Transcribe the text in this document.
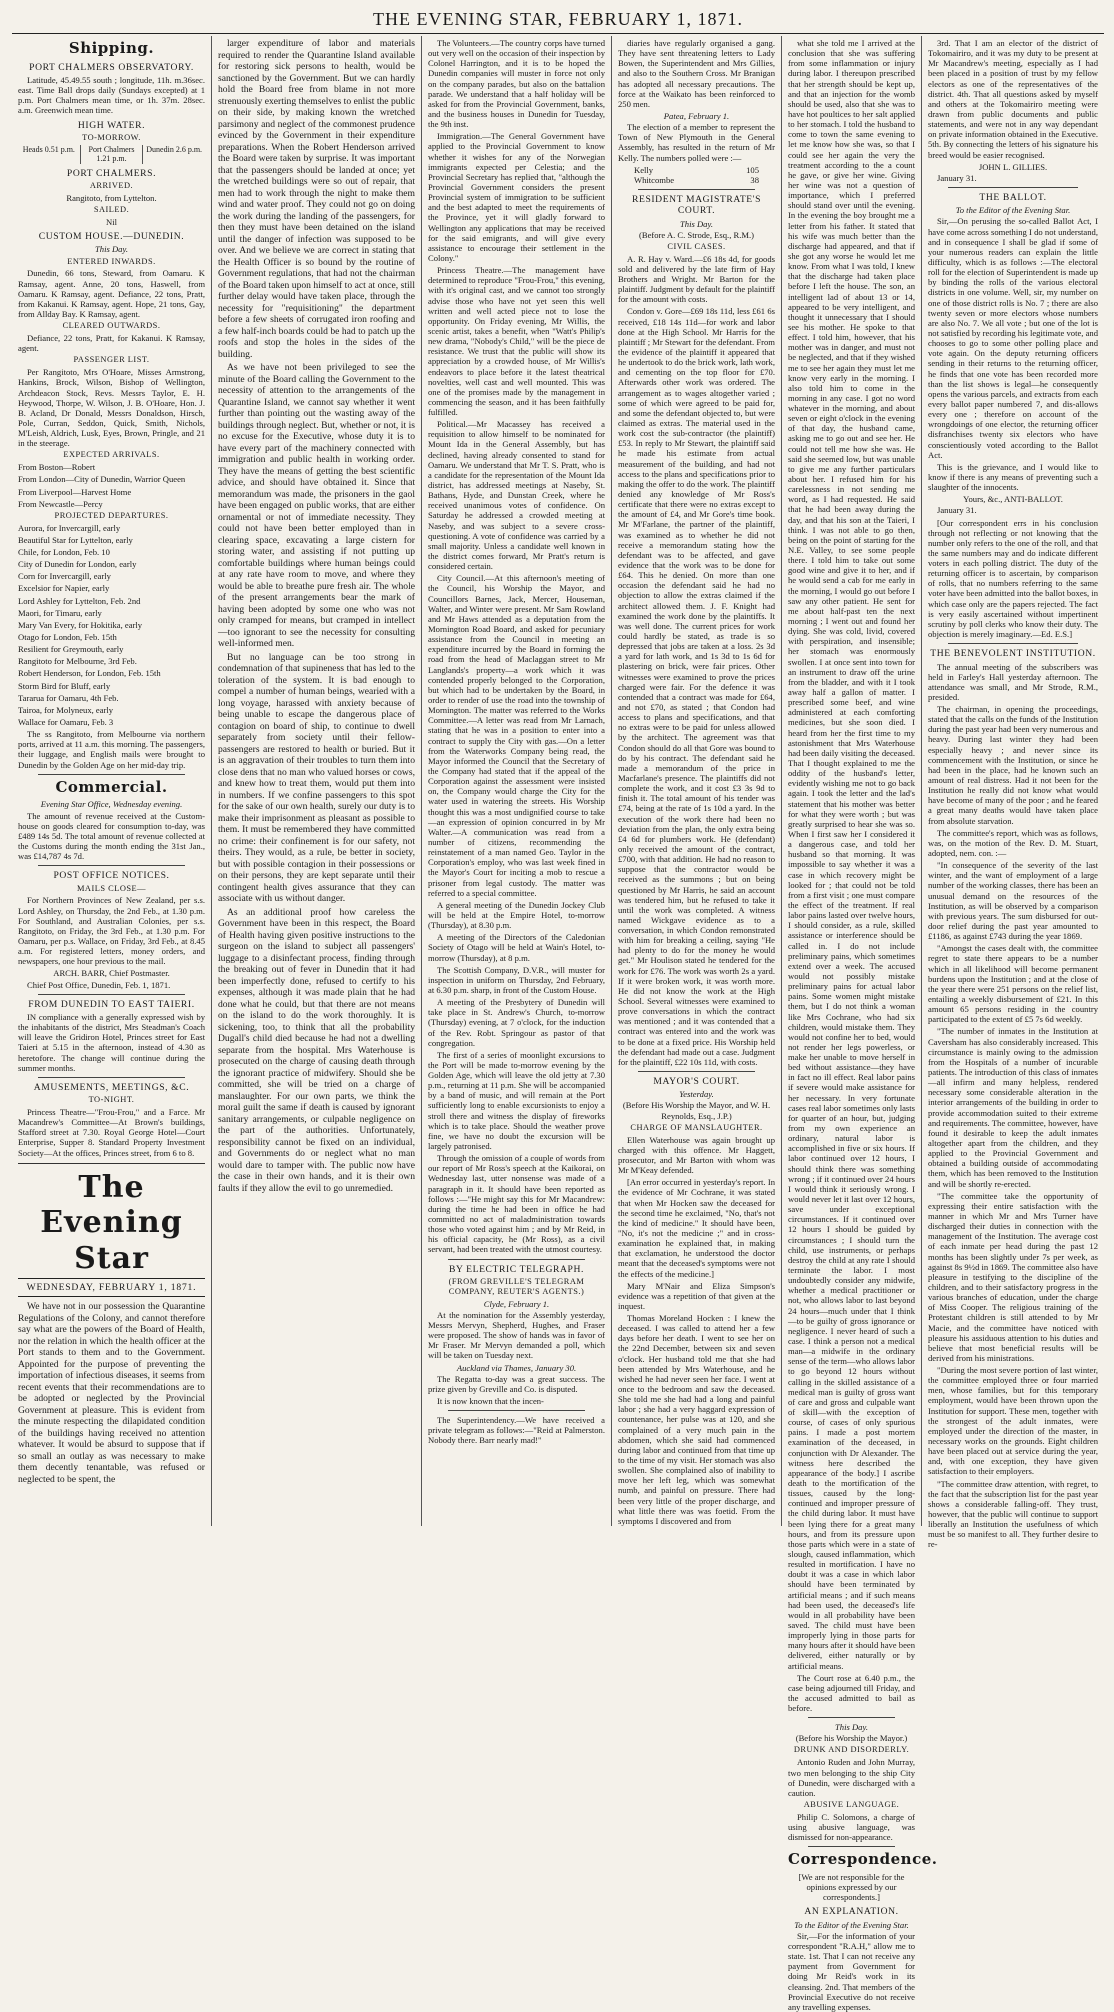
THE EVENING STAR, FEBRUARY 1, 1871.
Shipping.
PORT CHALMERS OBSERVATORY.

Latitude, 45.49.55 south ; longitude, 11h. m.36sec. east. Time Ball drops daily (Sundays excepted) at 1 p.m. Port Chalmers mean time, or 1h. 37m. 28sec. a.m. Greenwich mean time.

HIGH WATER.
TO-MORROW.
Heads 0.51 p.m.	Port Chalmers 1.21 p.m.
Dunedin 2.6 p.m.
PORT CHALMERS.
ARRIVED.
Rangitoto, from Lyttelton.
SAILED.
Nil
CUSTOM HOUSE.—DUNEDIN.
This Day.
ENTERED INWARDS.

Dunedin, 66 tons, Steward, from Oamaru. K Ramsay, agent. Anne, 20 tons, Haswell, from Oamaru. K Ramsay, agent. Defiance, 22 tons, Pratt, from Kakanui. K Ramsay, agent. Hope, 21 tons, Gay, from Allday Bay. K Ramsay, agent.

CLEARED OUTWARDS.

Defiance, 22 tons, Pratt, for Kakanui. K Ramsay, agent.

PASSENGER LIST.

Per Rangitoto, Mrs O'Hoare, Misses Armstrong, Hankins, Brock, Wilson, Bishop of Wellington, Archdeacon Stock, Revs. Messrs Taylor, E. H. Heywood, Thorpe, W. Wilson, J. B. O'Hoare, Hon. J. B. Acland, Dr Donald, Messrs Donaldson, Hirsch, Pole, Curran, Seddon, Quick, Smith, Nichols, M'Leish, Aldrich, Lusk, Eyes, Brown, Pringle, and 21 in the steerage.

EXPECTED ARRIVALS.

From Boston—Robert

From London—City of Dunedin, Warrior Queen

From Liverpool—Harvest Home

From Newcastle—Percy

PROJECTED DEPARTURES.

Aurora, for Invercargill, early

Beautiful Star for Lyttelton, early

Chile, for London, Feb. 10

City of Dunedin for London, early

Corn for Invercargill, early

Excelsior for Napier, early

Lord Ashley for Lyttelton, Feb. 2nd

Maori, for Timaru, early

Mary Van Every, for Hokitika, early

Otago for London, Feb. 15th

Resilient for Greymouth, early

Rangitoto for Melbourne, 3rd Feb.

Robert Henderson, for London, Feb. 15th

Storm Bird for Bluff, early

Tararua for Oamaru, 4th Feb.

Tairoa, for Molyneux, early

Wallace for Oamaru, Feb. 3

The ss Rangitoto, from Melbourne via northern ports, arrived at 11 a.m. this morning. The passengers, their luggage, and English mails were brought to Dunedin by the Golden Age on her mid-day trip.

Commercial.
Evening Star Office, Wednesday evening.

The amount of revenue received at the Custom-house on goods cleared for consumption to-day, was £489 14s 5d. The total amount of revenue collected at the Customs during the month ending the 31st Jan., was £14,787 4s 7d.

POST OFFICE NOTICES.
MAILS CLOSE—

For Northern Provinces of New Zealand, per s.s. Lord Ashley, on Thursday, the 2nd Feb., at 1.30 p.m. For Southland, and Australian Colonies, per s.s. Rangitoto, on Friday, the 3rd Feb., at 1.30 p.m. For Oamaru, per p.s. Wallace, on Friday, 3rd Feb., at 8.45 a.m. For registered letters, money orders, and newspapers, one hour previous to the mail.

ARCH. BARR, Chief Postmaster.

Chief Post Office, Dunedin, Feb. 1, 1871.

FROM DUNEDIN TO EAST TAIERI.

IN compliance with a generally expressed wish by the inhabitants of the district, Mrs Steadman's Coach will leave the Gridiron Hotel, Princes street for East Taieri at 5.15 in the afternoon, instead of 4.30 as heretofore. The change will continue during the summer months.

AMUSEMENTS, MEETINGS, &C.
TO-NIGHT.

Princess Theatre—"Frou-Frou," and a Farce. Mr Macandrew's Committee—At Brown's buildings, Stafford street at 7.30. Royal George Hotel—Court Enterprise, Supper 8. Standard Property Investment Society—At the offices, Princes street, from 6 to 8.

The Evening Star
WEDNESDAY, FEBRUARY 1, 1871.

We have not in our possession the Quarantine Regulations of the Colony, and cannot therefore say what are the powers of the Board of Health, nor the relation in which the health officer at the Port stands to them and to the Government. Appointed for the purpose of preventing the importation of infectious diseases, it seems from recent events that their recommendations are to be adopted or neglected by the Provincial Government at pleasure. This is evident from the minute respecting the dilapidated condition of the buildings having received no attention whatever. It would be absurd to suppose that if so small an outlay as was necessary to make them decently tenantable, was refused or neglected to be spent, the

larger expenditure of labor and materials required to render the Quarantine Island available for restoring sick persons to health, would be sanctioned by the Government. But we can hardly hold the Board free from blame in not more strenuously exerting themselves to enlist the public on their side, by making known the wretched parsimony and neglect of the commonest prudence evinced by the Government in their expenditure preparations. When the Robert Henderson arrived the Board were taken by surprise. It was important that the passengers should be landed at once; yet the wretched buildings were so out of repair, that men had to work through the night to make them wind and water proof. They could not go on doing the work during the landing of the passengers, for then they must have been detained on the island until the danger of infection was supposed to be over. And we believe we are correct in stating that the Health Officer is so bound by the routine of Government regulations, that had not the chairman of the Board taken upon himself to act at once, still further delay would have taken place, through the necessity for "requisitioning" the department before a few sheets of corrugated iron roofing and a few half-inch boards could be had to patch up the roofs and stop the holes in the sides of the building.

As we have not been privileged to see the minute of the Board calling the Government to the necessity of attention to the arrangements of the Quarantine Island, we cannot say whether it went further than pointing out the wasting away of the buildings through neglect. But, whether or not, it is no excuse for the Executive, whose duty it is to have every part of the machinery connected with immigration and public health in working order. They have the means of getting the best scientific advice, and should have obtained it. Since that memorandum was made, the prisoners in the gaol have been engaged on public works, that are either ornamental or not of immediate necessity. They could not have been better employed than in clearing space, excavating a large cistern for storing water, and assisting if not putting up comfortable buildings where human beings could at any rate have room to move, and where they would be able to breathe pure fresh air. The whole of the present arrangements bear the mark of having been adopted by some one who was not only cramped for means, but cramped in intellect—too ignorant to see the necessity for consulting well-informed men.

But no language can be too strong in condemnation of that supineness that has led to the toleration of the system. It is bad enough to compel a number of human beings, wearied with a long voyage, harassed with anxiety because of being unable to escape the dangerous place of contagion on board of ship, to continue to dwell separately from society until their fellow-passengers are restored to health or buried. But it is an aggravation of their troubles to turn them into close dens that no man who valued horses or cows, and knew how to treat them, would put them into in numbers. If we confine passengers to this spot for the sake of our own health, surely our duty is to make their imprisonment as pleasant as possible to them. It must be remembered they have committed no crime: their confinement is for our safety, not theirs. They would, as a rule, be better in society, but with possible contagion in their possessions or on their persons, they are kept separate until their contingent health gives assurance that they can associate with us without danger.

As an additional proof how careless the Government have been in this respect, the Board of Health having given positive instructions to the surgeon on the island to subject all passengers' luggage to a disinfectant process, finding through the breaking out of fever in Dunedin that it had been imperfectly done, refused to certify to his expenses, although it was made plain that he had done what he could, but that there are not means on the island to do the work thoroughly. It is sickening, too, to think that all the probability Dugall's child died because he had not a dwelling separate from the hospital. Mrs Waterhouse is prosecuted on the charge of causing death through the ignorant practice of midwifery. Should she be committed, she will be tried on a charge of manslaughter. For our own parts, we think the moral guilt the same if death is caused by ignorant sanitary arrangements, or culpable negligence on the part of the authorities. Unfortunately, responsibility cannot be fixed on an individual, and Governments do or neglect what no man would dare to tamper with. The public now have the case in their own hands, and it is their own faults if they allow the evil to go unremedied.

The Volunteers.—The country corps have turned out very well on the occasion of their inspection by Colonel Harrington, and it is to be hoped the Dunedin companies will muster in force not only on the company parades, but also on the battalion parade. We understand that a half holiday will be asked for from the Provincial Government, banks, and the business houses in Dunedin for Tuesday, the 9th inst.

Immigration.—The General Government have applied to the Provincial Government to know whether it wishes for any of the Norwegian immigrants expected per Celestia; and the Provincial Secretary has replied that, "although the Provincial Government considers the present Provincial system of immigration to be sufficient and the best adapted to meet the requirements of the Province, yet it will gladly forward to Wellington any applications that may be received for the said emigrants, and will give every assistance to encourage their settlement in the Colony."

Princess Theatre.—The management have determined to reproduce "Frou-Frou," this evening, with it's original cast, and we cannot too strongly advise those who have not yet seen this well written and well acted piece not to lose the opportunity. On Friday evening, Mr Willis, the scenic artist, takes a benefit, when "Watt's Philip's new drama, "Nobody's Child," will be the piece de resistance. We trust that the public will show its appreciation by a crowded house, of Mr Willis's endeavors to place before it the latest theatrical novelties, well cast and well mounted. This was one of the promises made by the management in commencing the season, and it has been faithfully fulfilled.

Political.—Mr Macassey has received a requisition to allow himself to be nominated for Mount Ida in the General Assembly, but has declined, having already consented to stand for Oamaru. We understand that Mr T. S. Pratt, who is a candidate for the representation of the Mount Ida district, has addressed meetings at Naseby, St. Bathans, Hyde, and Dunstan Creek, where he received unanimous votes of confidence. On Saturday he addressed a crowded meeting at Naseby, and was subject to a severe cross-questioning. A vote of confidence was carried by a small majority. Unless a candidate well known in the district comes forward, Mr Pratt's return is considered certain.

City Council.—At this afternoon's meeting of the Council, his Worship the Mayor, and Councillors Barnes, Jack, Mercer, Houseman, Walter, and Winter were present. Mr Sam Rowland and Mr Haws attended as a deputation from the Mornington Road Board, and asked for pecuniary assistance from the Council in meeting an expenditure incurred by the Board in forming the road from the head of Maclaggan street to Mr Langlands's property—a work which it was contended properly belonged to the Corporation, but which had to be undertaken by the Board, in order to render of use the road into the township of Mornington. The matter was referred to the Works Committee.—A letter was read from Mr Larnach, stating that he was in a position to enter into a contract to supply the City with gas.—On a letter from the Waterworks Company being read, the Mayor informed the Council that the Secretary of the Company had stated that if the appeal of the Corporation against the assessment were insisted on, the Company would charge the City for the water used in watering the streets. His Worship thought this was a most undignified course to take—an expression of opinion concurred in by Mr Walter.—A communication was read from a number of citizens, recommending the reinstatement of a man named Geo. Taylor in the Corporation's employ, who was last week fined in the Mayor's Court for inciting a mob to rescue a prisoner from legal custody. The matter was referred to a special committee.

A general meeting of the Dunedin Jockey Club will be held at the Empire Hotel, to-morrow (Thursday), at 8.30 p.m.

A meeting of the Directors of the Caledonian Society of Otago will be held at Wain's Hotel, to-morrow (Thursday), at 8 p.m.

The Scottish Company, D.V.R., will muster for inspection in uniform on Thursday, 2nd February, at 6.30 p.m. sharp, in front of the Custom House.

A meeting of the Presbytery of Dunedin will take place in St. Andrew's Church, to-morrow (Thursday) evening, at 7 o'clock, for the induction of the Rev. Robt. Springour as pastor of that congregation.

The first of a series of moonlight excursions to the Port will be made to-morrow evening by the Golden Age, which will leave the old jetty at 7.30 p.m., returning at 11 p.m. She will be accompanied by a band of music, and will remain at the Port sufficiently long to enable excursionists to enjoy a stroll there and witness the display of fireworks which is to take place. Should the weather prove fine, we have no doubt the excursion will be largely patronised.

Through the omission of a couple of words from our report of Mr Ross's speech at the Kaikorai, on Wednesday last, utter nonsense was made of a paragraph in it. It should have been reported as follows :—"He might say this for Mr Macandrew: during the time he had been in office he had committed no act of maladministration towards those who voted against him ; and by Mr Reid, in his official capacity, he (Mr Ross), as a civil servant, had been treated with the utmost courtesy.

BY ELECTRIC TELEGRAPH.
(FROM GREVILLE'S TELEGRAM COMPANY, REUTER'S AGENTS.)
Clyde, February 1.

At the nomination for the Assembly yesterday, Messrs Mervyn, Shepherd, Hughes, and Fraser were proposed. The show of hands was in favor of Mr Fraser. Mr Mervyn demanded a poll, which will be taken on Tuesday next.

Auckland via Thames, January 30.

The Regatta to-day was a great success. The prize given by Greville and Co. is disputed.

It is now known that the incen-

The Superintendency.—We have received a private telegram as follows:—"Reid at Palmerston. Nobody there. Barr nearly mad!"

diaries have regularly organised a gang. They have sent threatening letters to Lady Bowen, the Superintendent and Mrs Gillies, and also to the Southern Cross. Mr Branigan has adopted all necessary precautions. The force at the Waikato has been reinforced to 250 men.

Patea, February 1.

The election of a member to represent the Town of New Plymouth in the General Assembly, has resulted in the return of Mr Kelly. The numbers polled were :—

Kelly	105
Whitcombe	38
RESIDENT MAGISTRATE'S COURT.
This Day.
(Before A. C. Strode, Esq., R.M.)
CIVIL CASES.

A. R. Hay v. Ward.—£6 18s 4d, for goods sold and delivered by the late firm of Hay Brothers and Wright. Mr Barton for the plaintiff. Judgment by default for the plaintiff for the amount with costs.

Condon v. Gore—£69 18s 11d, less £61 6s received, £18 14s 11d—for work and labor done at the High School. Mr Harris for the plaintiff ; Mr Stewart for the defendant. From the evidence of the plaintiff it appeared that he undertook to do the brick work, lath work, and cementing on the top floor for £70. Afterwards other work was ordered. The arrangement as to wages altogether varied ; some of which were agreed to be paid for, and some the defendant objected to, but were claimed as extras. The material used in the work cost the sub-contractor (the plaintiff) £53. In reply to Mr Stewart, the plaintiff said he made his estimate from actual measurement of the building, and had not access to the plans and specifications prior to making the offer to do the work. The plaintiff denied any knowledge of Mr Ross's certificate that there were no extras except to the amount of £4, and Mr Gore's time book. Mr M'Farlane, the partner of the plaintiff, was examined as to whether he did not receive a memorandum stating how the defendant was to be affected, and gave evidence that the work was to be done for £64. This he denied. On more than one occasion the defendant said he had no objection to allow the extras claimed if the architect allowed them. J. F. Knight had examined the work done by the plaintiffs. It was well done. The current prices for work could hardly be stated, as trade is so depressed that jobs are taken at a loss. 2s 3d a yard for lath work, and 1s 3d to 1s 6d for plastering on brick, were fair prices. Other witnesses were examined to prove the prices charged were fair. For the defence it was contended that a contract was made for £64, and not £70, as stated ; that Condon had access to plans and specifications, and that no extras were to be paid for unless allowed by the architect. The agreement was that Condon should do all that Gore was bound to do by his contract. The defendant said he made a memorandum of the price in Macfarlane's presence. The plaintiffs did not complete the work, and it cost £3 3s 9d to finish it. The total amount of his tender was £74, being at the rate of 1s 10d a yard. In the execution of the work there had been no deviation from the plan, the only extra being £4 6d for plumbers work. He (defendant) only received the amount of the contract, £700, with that addition. He had no reason to suppose that the contractor would be received as the summons ; but on being questioned by Mr Harris, he said an account was tendered him, but he refused to take it until the work was completed. A witness named Wickgave evidence as to a conversation, in which Condon remonstrated with him for breaking a ceiling, saying "He had plenty to do for the money he would get." Mr Houlison stated he tendered for the work for £76. The work was worth 2s a yard. If it were broken work, it was worth more. He did not know the work at the High School. Several witnesses were examined to prove conversations in which the contract was mentioned ; and it was contended that a contract was entered into and the work was to be done at a fixed price. His Worship held the defendant had made out a case. Judgment for the plaintiff, £22 10s 11d, with costs.

MAYOR'S COURT.
Yesterday.
(Before His Worship the Mayor, and W. H. Reynolds, Esq., J.P.)
CHARGE OF MANSLAUGHTER.

Ellen Waterhouse was again brought up charged with this offence. Mr Haggett, prosecutor, and Mr Barton with whom was Mr M'Keay defended.

[An error occurred in yesterday's report. In the evidence of Mr Cochrane, it was stated that when Mr Hocken saw the deceased for the second time he exclaimed, "No, that's not the kind of medicine." It should have been, "No, it's not the medicine ;" and in cross-examination he explained that, in making that exclamation, he understood the doctor meant that the deceased's symptoms were not the effects of the medicine.]

Mary M'Nair and Eliza Simpson's evidence was a repetition of that given at the inquest.

Thomas Moreland Hocken : I knew the deceased. I was called to attend her a few days before her death. I went to see her on the 22nd December, between six and seven o'clock. Her husband told me that she had been attended by Mrs Waterhouse, and he wished he had never seen her face. I went at once to the bedroom and saw the deceased. She told me she had had a long and painful labor ; she had a very haggard expression of countenance, her pulse was at 120, and she complained of a very much pain in the abdomen, which she said had commenced during labor and continued from that time up to the time of my visit. Her stomach was also swollen. She complained also of inability to move her left leg, which was somewhat numb, and painful on pressure. There had been very little of the proper discharge, and what little there was was foetid. From the symptoms I discovered and from

what she told me I arrived at the conclusion that she was suffering from some inflammation or injury during labor. I thereupon prescribed that her strength should be kept up, and that an injection for the womb should be used, also that she was to have hot poultices to her salt applied to her stomach. I told the husband to come to town the same evening to let me know how she was, so that I could see her again the very the treatment according to the a count he gave, or give her wine. Giving her wine was not a question of importance, which I preferred should stand over until the evening. In the evening the boy brought me a letter from his father. It stated that his wife was much better than the discharge had appeared, and that if she got any worse he would let me know. From what I was told, I knew that the discharge had taken place before I left the house. The son, an intelligent lad of about 13 or 14, appeared to be very intelligent, and thought it unnecessary that I should see his mother. He spoke to that effect. I told him, however, that his mother was in danger, and must not be neglected, and that if they wished me to see her again they must let me know very early in the morning. I also told him to come in the morning in any case. I got no word whatever in the morning, and about seven or eight o'clock in the evening of that day, the husband came, asking me to go out and see her. He could not tell me how she was. He said she seemed low, but was unable to give me any further particulars about her. I refused him for his carelessness in not sending me word, as I had requested. He said that he had been away during the day, and that his son at the Taieri, I think. I was not able to go then, being on the point of starting for the N.E. Valley, to see some people there. I told him to take out some good wine and give it to her, and if he would send a cab for me early in the morning, I would go out before I saw any other patient. He sent for me about half-past ten the next morning ; I went out and found her dying. She was cold, livid, covered with perspiration, and insensible; her stomach was enormously swollen. I at once sent into town for an instrument to draw off the urine from the bladder, and with it I took away half a gallon of matter. I prescribed some beef, and wine administered at each comforting medicines, but she soon died. I heard from her the first time to my astonishment that Mrs Waterhouse had been daily visiting the deceased. That I thought explained to me the oddity of the husband's letter, evidently wishing me not to go back again. I took the letter and the lad's statement that his mother was better for what they were worth ; but was greatly surprised to hear she was so. When I first saw her I considered it a dangerous case, and told her husband so that morning. It was impossible to say whether it was a case in which recovery might be looked for ; that could not be told from a first visit ; one must compare the effect of the treatment. If real labor pains lasted over twelve hours, I should consider, as a rule, skilled assistance or interference should be called in. I do not include preliminary pains, which sometimes extend over a week. The accused would not possibly mistake preliminary pains for actual labor pains. Some women might mistake them, but I do not think a woman like Mrs Cochrane, who had six children, would mistake them. They would not confine her to bed, would not render her legs powerless, or make her unable to move herself in bed without assistance—they have in fact no ill effect. Real labor pains if severe would make assistance for her necessary. In very fortunate cases real labor sometimes only lasts for quarter of an hour, but, judging from my own experience an ordinary, natural labor is accomplished in five or six hours. If labor continued over 12 hours, I should think there was something wrong ; if it continued over 24 hours I would think it seriously wrong. I would never let it last over 12 hours, save under exceptional circumstances. If it continued over 12 hours I should be guided by circumstances ; I should turn the child, use instruments, or perhaps destroy the child at any rate I should terminate the labor. I most undoubtedly consider any midwife, whether a medical practitioner or not, who allows labor to last beyond 24 hours—much under that I think—to be guilty of gross ignorance or negligence. I never heard of such a case. I think a person not a medical man—a midwife in the ordinary sense of the term—who allows labor to go beyond 12 hours without calling in the skilled assistance of a medical man is guilty of gross want of care and gross and culpable want of skill—with the exception of course, of cases of only spurious pains. I made a post mortem examination of the deceased, in conjunction with Dr Alexander. The witness here described the appearance of the body.] I ascribe death to the mortification of the tissues, caused by the long-continued and improper pressure of the child during labor. It must have been lying there for a great many hours, and from its pressure upon those parts which were in a state of slough, caused inflammation, which resulted in mortification. I have no doubt it was a case in which labor should have been terminated by artificial means ; and if such means had been used, the deceased's life would in all probability have been saved. The child must have been improperly lying in those parts for many hours after it should have been delivered, either naturally or by artificial means.

The Court rose at 6.40 p.m., the case being adjourned till Friday, and the accused admitted to bail as before.

This Day.
(Before his Worship the Mayor.)
DRUNK AND DISORDERLY.

Antonio Ruden and John Murray, two men belonging to the ship City of Dunedin, were discharged with a caution.

ABUSIVE LANGUAGE.

Philip C. Solomons, a charge of using abusive language, was dismissed for non-appearance.

Correspondence.
[We are not responsible for the opinions expressed by our correspondents.]
AN EXPLANATION.
To the Editor of the Evening Star.

Sir,—For the information of your correspondent "R.A.H," allow me to state. 1st. That I can not receive any payment from Government for doing Mr Reid's work in its cleansing. 2nd. That members of the Provincial Executive do not receive any travelling expenses.

3rd. That I am an elector of the district of Tokomairiro, and it was my duty to be present at Mr Macandrew's meeting, especially as I had been placed in a position of trust by my fellow electors as one of the representatives of the district. 4th. That all questions asked by myself and others at the Tokomairiro meeting were drawn from public documents and public statements, and were not in any way dependant on private information obtained in the Executive. 5th. By connecting the letters of his signature his breed would be easier recognised.

JOHN L. GILLIES.

January 31.

THE BALLOT.
To the Editor of the Evening Star.

Sir,—On perusing the so-called Ballot Act, I have come across something I do not understand, and in consequence I shall be glad if some of your numerous readers can explain the little difficulty, which is as follows :—The electoral roll for the election of Superintendent is made up by binding the rolls of the various electoral districts in one volume. Well, sir, my number on one of those district rolls is No. 7 ; there are also twenty seven or more electors whose numbers are also No. 7. We all vote ; but one of the lot is not satisfied by recording his legitimate vote, and chooses to go to some other polling place and vote again. On the deputy returning officers sending in their returns to the returning officer, he finds that one vote has been recorded more than the list shows is legal—he consequently opens the various parcels, and extracts from each every ballot paper numbered 7, and dis-allows every one ; therefore on account of the wrongdoings of one elector, the returning officer disfranchises twenty six electors who have conscientiously voted according to the Ballot Act.

This is the grievance, and I would like to know if there is any means of preventing such a slaughter of the innocents.

Yours, &c., ANTI-BALLOT.

January 31.

[Our correspondent errs in his conclusion through not reflecting or not knowing that the number only refers to the one of the roll, and that the same numbers may and do indicate different voters in each polling district. The duty of the returning officer is to ascertain, by comparison of rolls, that no numbers referring to the same voter have been admitted into the ballot boxes, in which case only are the papers rejected. The fact is very easily ascertained without impertinent scrutiny by poll clerks who know their duty. The objection is merely imaginary.—Ed. E.S.]

THE BENEVOLENT INSTITUTION.

The annual meeting of the subscribers was held in Farley's Hall yesterday afternoon. The attendance was small, and Mr Strode, R.M., presided.

The chairman, in opening the proceedings, stated that the calls on the funds of the Institution during the past year had been very numerous and heavy. During last winter they had been especially heavy ; and never since its commencement with the Institution, or since he had been in the place, had he known such an amount of real distress. Had it not been for the Institution he really did not know what would have become of many of the poor ; and he feared a great many deaths would have taken place from absolute starvation.

The committee's report, which was as follows, was, on the motion of the Rev. D. M. Stuart, adopted, nem. con. :—

"In consequence of the severity of the last winter, and the want of employment of a large number of the working classes, there has been an unusual demand on the resources of the Institution, as will be observed by a comparison with previous years. The sum disbursed for out-door relief during the past year amounted to £1186, as against £743 during the year 1869.

"Amongst the cases dealt with, the committee regret to state there appears to be a number which in all likelihood will become permanent burdens upon the Institution ; and at the close of the year there were 251 persons on the relief list, entailing a weekly disbursement of £21. In this amount 65 persons residing in the country participated to the extent of £5 7s 6d weekly.

"The number of inmates in the Institution at Caversham has also considerably increased. This circumstance is mainly owing to the admission from the Hospitals of a number of incurable patients. The introduction of this class of inmates—all infirm and many helpless, rendered necessary some considerable alteration in the interior arrangements of the building in order to provide accommodation suited to their extreme and requirements. The committee, however, have found it desirable to keep the adult inmates altogether apart from the children, and they applied to the Provincial Government and obtained a building outside of accommodating them, which has been removed to the Institution and will be shortly re-erected.

"The committee take the opportunity of expressing their entire satisfaction with the manner in which Mr and Mrs Turner have discharged their duties in connection with the management of the Institution. The average cost of each inmate per head during the past 12 months has been slightly under 7s per week, as against 8s 9½d in 1869. The committee also have pleasure in testifying to the discipline of the children, and to their satisfactory progress in the various branches of education, under the charge of Miss Cooper. The religious training of the Protestant children is still attended to by Mr Macie, and the committee have noticed with pleasure his assiduous attention to his duties and believe that most beneficial results will be derived from his ministrations.

"During the most severe portion of last winter, the committee employed three or four married men, whose families, but for this temporary employment, would have been thrown upon the Institution for support. These men, together with the strongest of the adult inmates, were employed under the direction of the master, in necessary works on the grounds. Eight children have been placed out at service during the year, and, with one exception, they have given satisfaction to their employers.

"The committee draw attention, with regret, to the fact that the subscription list for the past year shows a considerable falling-off. They trust, however, that the public will continue to support liberally an Institution the usefulness of which must be so manifest to all. They further desire to re-
